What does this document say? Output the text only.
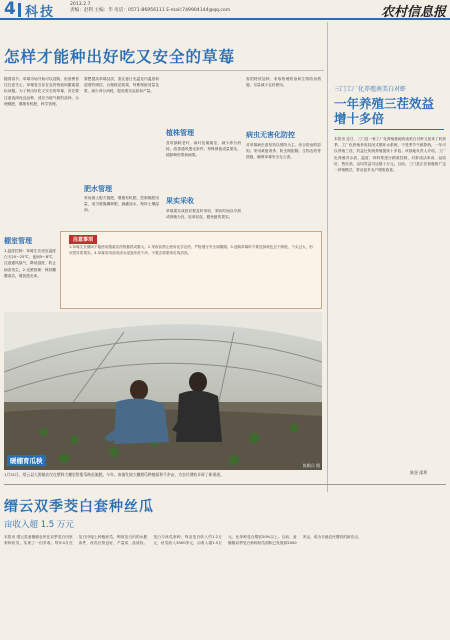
4 科技
2013.2.7
责编：赵利 主编：毕 电话：0571-86956111 E-mail:749904144@qq.com	农村信息报
怎样才能种出好吃又安全的草莓
随着春节，草莓市场开始可以选购，但消费者往往更关心，草莓是否存在农药残留和激素超标问题。为了种出好吃又安全的草莓，首先要注意选择优良品种，适应当地气候的品种。合理施肥，增施有机肥，科学管理。
棚室管理
1.温度控制：草莓生长适宜温度白天20～25℃，夜间5～8℃，注意通风换气，降低湿度，防止病害发生。2.光照管理：保持棚膜清洁，增加透光率。
要想提高草莓品质，需注意日光温室内温度和湿度的调控，合理疏花疏果，每株保留适量花果，减少养分消耗，提高果实品质和产量。
肥水管理
采用测土配方施肥，增施有机肥，控制氮肥用量，适当增施磷钾肥。滴灌浇水，保持土壤湿润。
植株管理
及时摘除老叶、病叶及匍匐茎，减少养分消耗，改善通风透光条件。每株保留适量果实，疏除畸形果和病果。
果实采收
草莓果实成熟后要及时采收，采收时间以早晨或傍晚为宜，轻拿轻放，避免碰伤果实。
害的特效品种，采取物理防治和生物防治措施，尽量减少农药使用。
病虫无害化防控
对草莓病虫害坚持以预防为主，综合防治的原则。采用黄板诱杀、防虫网阻隔、生物农药等措施，确保草莓安全无公害。
注意事项
1.草莓生长期间不能使用激素类药物催熟或膨大。2.采收前禁止使用化学农药，严格遵守安全间隔期。3.选购草莓时不要选择颜色过于鲜艳、个头过大、形状怪异的果实。4.草莓食用前用清水浸泡冲洗干净，不要去掉果蒂后再清洗。
陈顺兵 摄
暖棚育瓜秧
1月31日，缙云县大源镇农民在塑料大棚里给甜瓜秧苗施肥。今年，该镇发展大棚甜瓜种植面积千余亩，为农民增收开辟了新渠道。
三门工厂化养殖南美白对虾
一年养殖三茬效益增十多倍
本报讯 近日，三门县一家工厂化养殖基地的南美白对虾又迎来了收获季。工厂化养殖采用封闭式循环水系统，不受季节气候影响，一年可以养殖三茬，效益比传统养殖提高十多倍。该基地负责人介绍，工厂化养殖对水质、温度、饵料等进行精准控制，对虾成活率高、品质好、售价高，亩均效益可达数十万元。目前，三门县正在积极推广这一养殖模式，带动更多农户增收致富。
陈坚 邵利
缙云双季茭白套种丝瓜
亩收入超 1.5 万元
本报讯 缙云县壶镇镇农民在双季茭白田里套种丝瓜，实现了一田多收。每年4月在茭白田埂上种植丝瓜，利用茭白田的水肥条件，丝瓜长势良好，产量高、品质好。茭白与丝瓜套种，每亩茭白收入约1.2万元，丝瓜收入3000多元，亩收入超1.5万元，比单种茭白增收20%以上。目前，壶镇镇双季茭白套种丝瓜面积已发展到2000多亩，成为当地农民增收的新亮点。
